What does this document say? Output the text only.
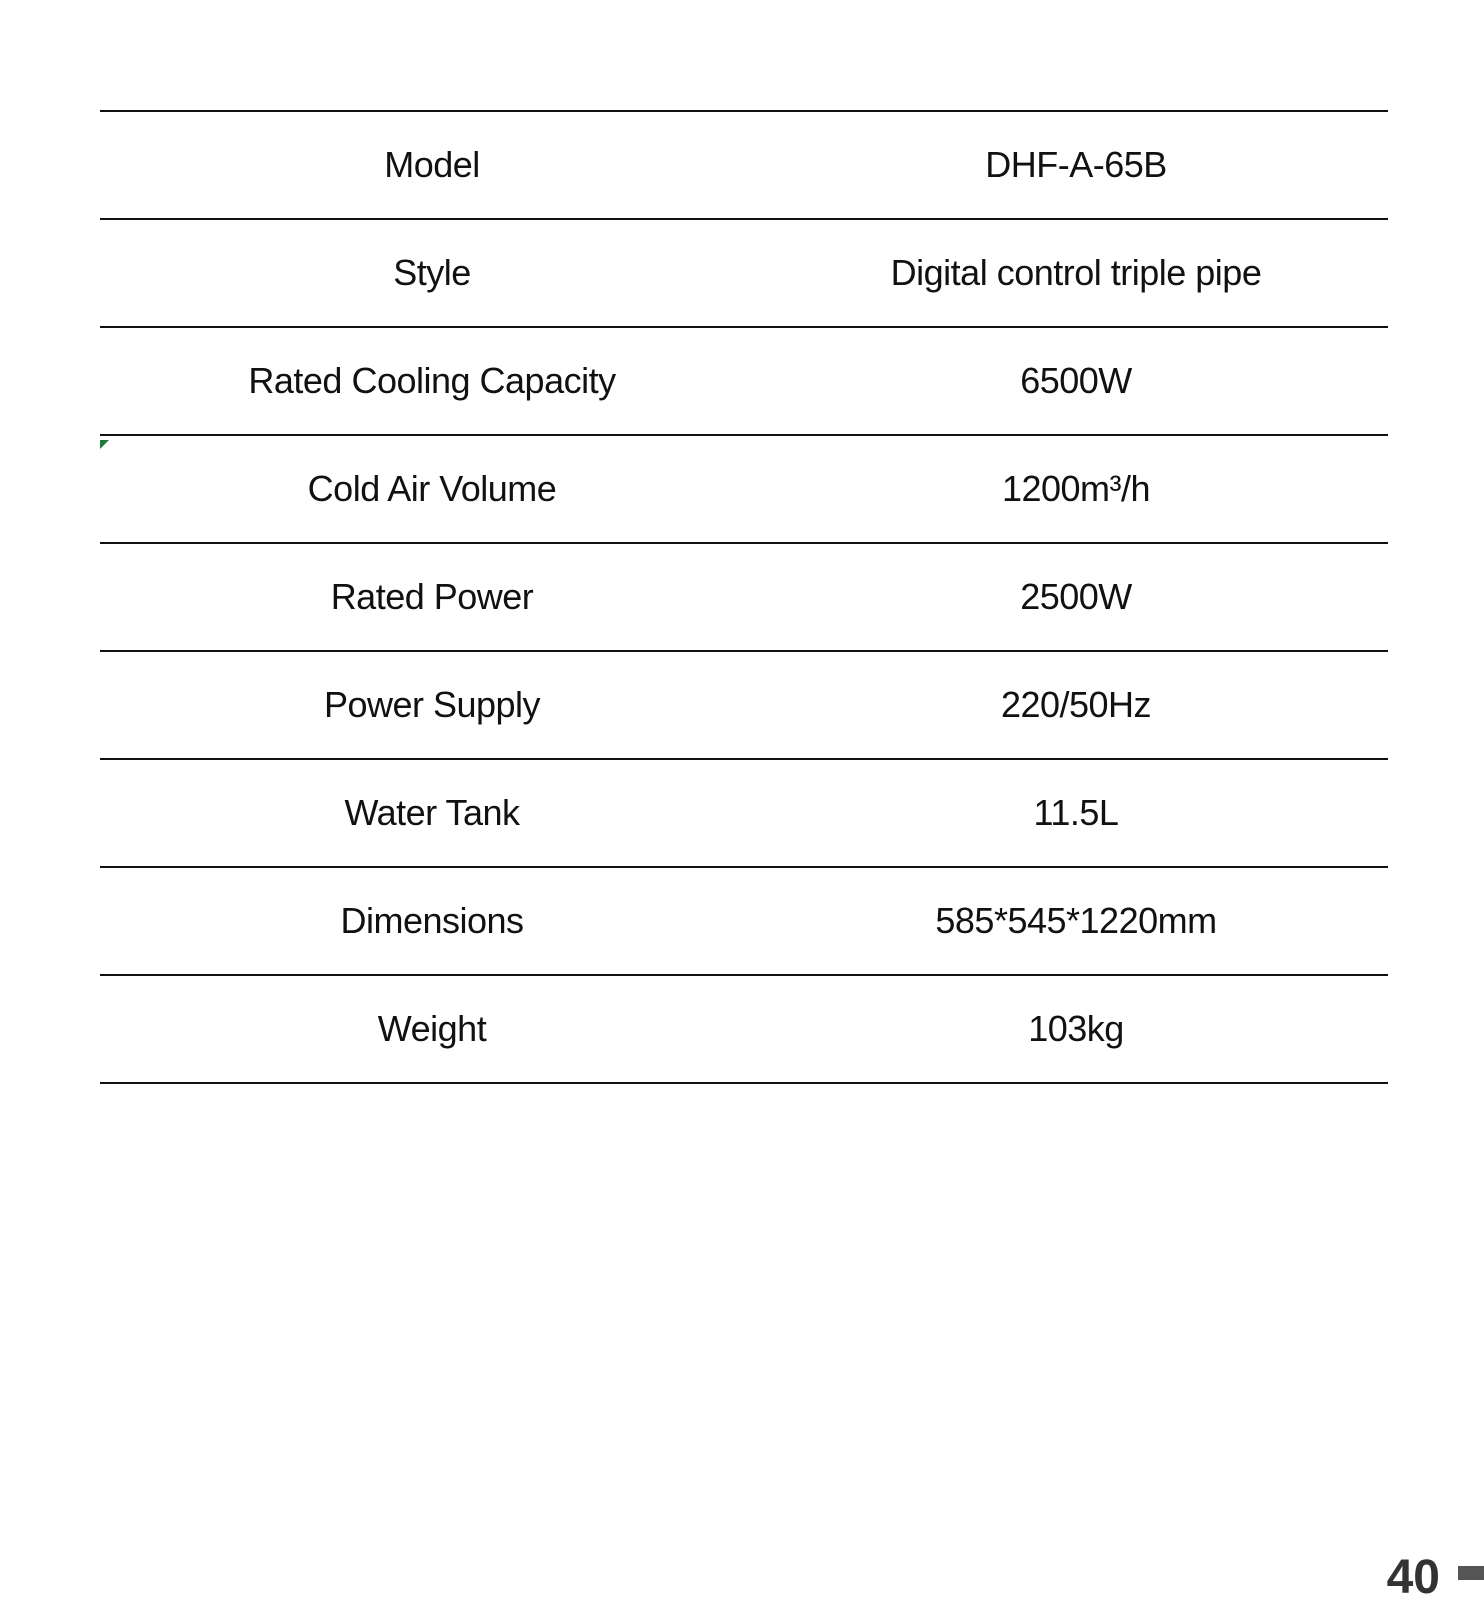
Model	DHF-A-65B
Style	Digital control triple pipe
Rated Cooling Capacity	6500W
Cold Air Volume	1200m³/h
Rated Power	2500W
Power Supply	220/50Hz
Water Tank	11.5L
Dimensions	585*545*1220mm
Weight	103kg
40
